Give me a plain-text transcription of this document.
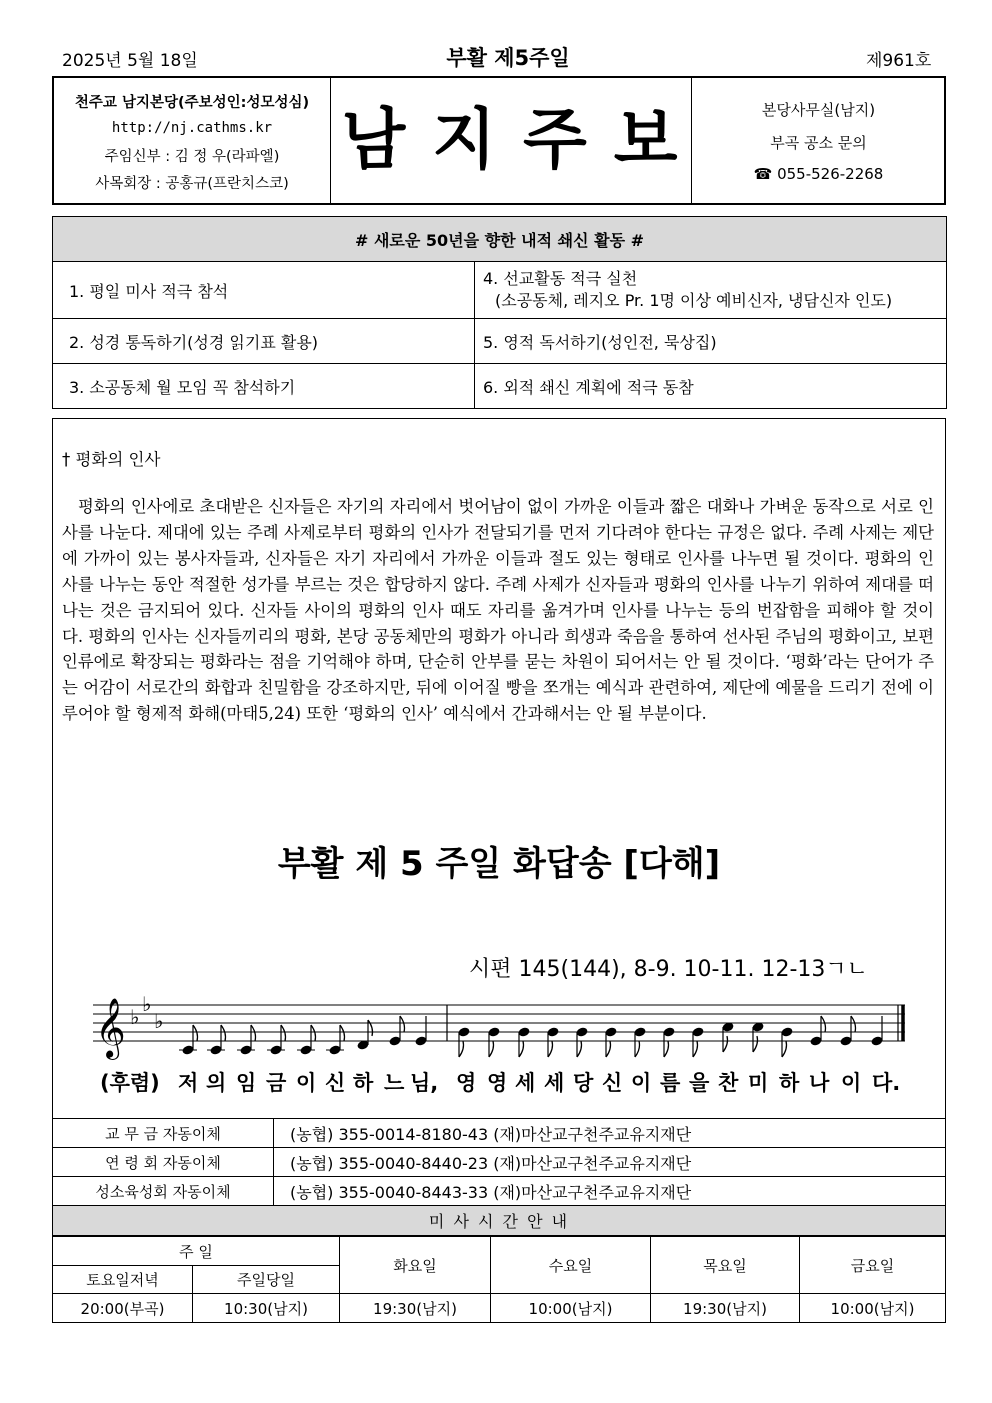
2025년 5월 18일	부활 제5주일	제961호
천주교 남지본당(주보성인:성모성심)
http://nj.cathms.kr
주임신부 : 김 정 우(라파엘)
사목회장 : 공홍규(프란치스코)
남 지 주 보	본당사무실(남지)
부곡 공소 문의
☎ 055-526-2268
# 새로운 50년을 향한 내적 쇄신 활동 #	
1. 평일 미사 적극 참석	4. 선교활동 적극 실천
(소공동체, 레지오 Pr. 1명 이상 예비신자, 냉담신자 인도)

2. 성경 통독하기(성경 읽기표 활용)	5. 영적 독서하기(성인전, 묵상집)
3. 소공동체 월 모임 꼭 참석하기	6. 외적 쇄신 계획에 적극 동참
† 평화의 인사
평화의 인사에로 초대받은 신자들은 자기의 자리에서 벗어남이 없이 가까운 이들과 짧은 대화나 가벼운 동작으로 서로 인사를 나눈다. 제대에 있는 주례 사제로부터 평화의 인사가 전달되기를 먼저 기다려야 한다는 규정은 없다. 주례 사제는 제단에 가까이 있는 봉사자들과, 신자들은 자기 자리에서 가까운 이들과 절도 있는 형태로 인사를 나누면 될 것이다. 평화의 인사를 나누는 동안 적절한 성가를 부르는 것은 합당하지 않다. 주례 사제가 신자들과 평화의 인사를 나누기 위하여 제대를 떠나는 것은 금지되어 있다. 신자들 사이의 평화의 인사 때도 자리를 옮겨가며 인사를 나누는 등의 번잡함을 피해야 할 것이다. 평화의 인사는 신자들끼리의 평화, 본당 공동체만의 평화가 아니라 희생과 죽음을 통하여 선사된 주님의 평화이고, 보편 인류에로 확장되는 평화라는 점을 기억해야 하며, 단순히 안부를 묻는 차원이 되어서는 안 될 것이다. ‘평화’라는 단어가 주는 어감이 서로간의 화합과 친밀함을 강조하지만, 뒤에 이어질 빵을 쪼개는 예식과 관련하여, 제단에 예물을 드리기 전에 이루어야 할 형제적 화해(마태5,24) 또한 ‘평화의 인사’ 예식에서 간과해서는 안 될 부분이다.
부활 제 5 주일 화답송 [다해]
시편 145(144), 8-9. 10-11. 12-13ㄱㄴ
𝄞 ♭
♭
♭
(후렴) 저 의 임 금 이 신 하 느 님, 영 영 세 세 당 신 이 름 을 찬 미 하 나 이 다.
교 무 금 자동이체	(농협) 355-0014-8180-43 (재)마산교구천주교유지재단
연 령 회 자동이체	(농협) 355-0040-8440-23 (재)마산교구천주교유지재단
성소육성회 자동이체	(농협) 355-0040-8443-33 (재)마산교구천주교유지재단
미 사 시 간 안 내	
주 일		화요일	수요일	목요일	금요일
토요일저녁	주일당일				
20:00(부곡)	10:30(남지)	19:30(남지)	10:00(남지)	19:30(남지)	10:00(남지)
